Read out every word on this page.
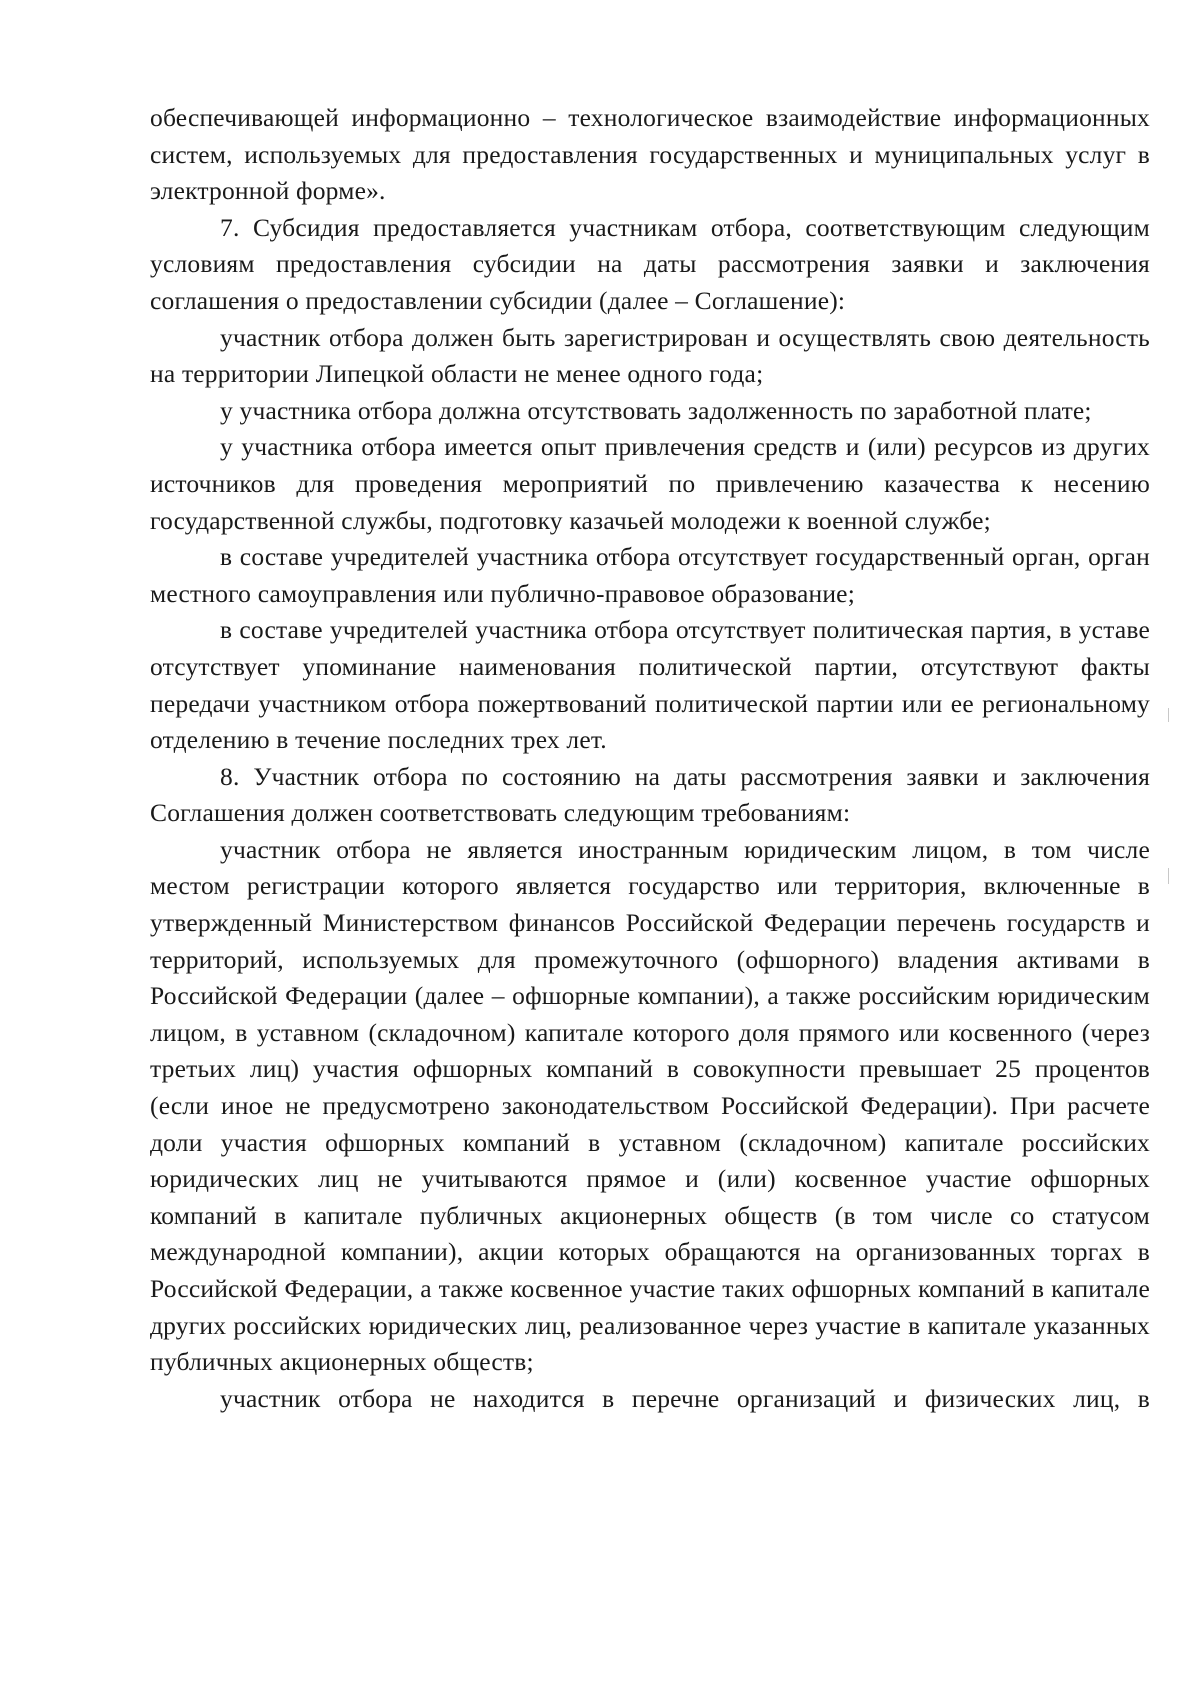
обеспечивающей информационно – технологическое взаимодействие информационных систем, используемых для предоставления государственных и муниципальных услуг в электронной форме».

7. Субсидия предоставляется участникам отбора, соответствующим следующим условиям предоставления субсидии на даты рассмотрения заявки и заключения соглашения о предоставлении субсидии (далее – Соглашение):

участник отбора должен быть зарегистрирован и осуществлять свою деятельность на территории Липецкой области не менее одного года;

у участника отбора должна отсутствовать задолженность по заработной плате;

у участника отбора имеется опыт привлечения средств и (или) ресурсов из других источников для проведения мероприятий по привлечению казачества к несению государственной службы, подготовку казачьей молодежи к военной службе;

в составе учредителей участника отбора отсутствует государственный орган, орган местного самоуправления или публично-правовое образование;

в составе учредителей участника отбора отсутствует политическая партия, в уставе отсутствует упоминание наименования политической партии, отсутствуют факты передачи участником отбора пожертвований политической партии или ее региональному отделению в течение последних трех лет.

8. Участник отбора по состоянию на даты рассмотрения заявки и заключения Соглашения должен соответствовать следующим требованиям:

участник отбора не является иностранным юридическим лицом, в том числе местом регистрации которого является государство или территория, включенные в утвержденный Министерством финансов Российской Федерации перечень государств и территорий, используемых для промежуточного (офшорного) владения активами в Российской Федерации (далее – офшорные компании), а также российским юридическим лицом, в уставном (складочном) капитале которого доля прямого или косвенного (через третьих лиц) участия офшорных компаний в совокупности превышает 25 процентов (если иное не предусмотрено законодательством Российской Федерации). При расчете доли участия офшорных компаний в уставном (складочном) капитале российских юридических лиц не учитываются прямое и (или) косвенное участие офшорных компаний в капитале публичных акционерных обществ (в том числе со статусом международной компании), акции которых обращаются на организованных торгах в Российской Федерации, а также косвенное участие таких офшорных компаний в капитале других российских юридических лиц, реализованное через участие в капитале указанных публичных акционерных обществ;

участник отбора не находится в перечне организаций и физических лиц, в
